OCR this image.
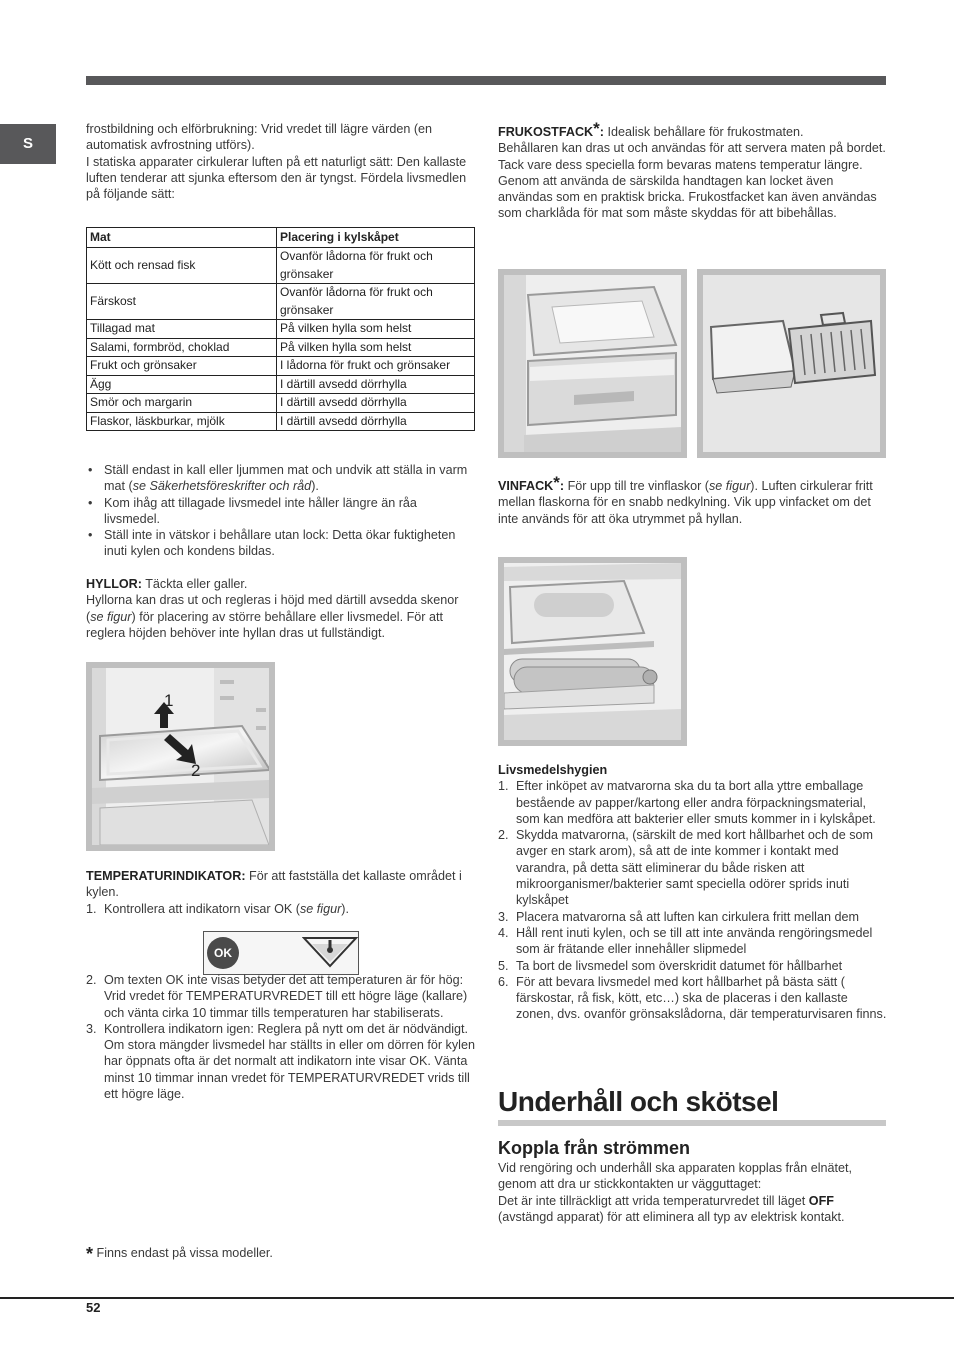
S

frostbildning och elförbrukning: Vrid vredet till lägre värden (en automatisk avfrostning utförs).

I statiska apparater cirkulerar luften på ett naturligt sätt: Den kallaste luften tenderar att sjunka eftersom den är tyngst. Fördela livsmedlen på följande sätt:

Mat	Placering i kylskåpet
Kött och rensad fisk	Ovanför lådorna för frukt och grönsaker
Färskost	Ovanför lådorna för frukt och grönsaker
Tillagad mat	På vilken hylla som helst
Salami, formbröd, choklad	På vilken hylla som helst
Frukt och grönsaker	I lådorna för frukt och grönsaker
Ägg	I därtill avsedd dörrhylla
Smör och margarin	I därtill avsedd dörrhylla
Flaskor, läskburkar, mjölk	I därtill avsedd dörrhylla
• Ställ endast in kall eller ljummen mat och undvik att ställa in varm mat (se Säkerhetsföreskrifter och råd).
• Kom ihåg att tillagade livsmedel inte håller längre än råa livsmedel.
• Ställ inte in vätskor i behållare utan lock: Detta ökar fuktigheten inuti kylen och kondens bildas.

HYLLOR: Täckta eller galler.

Hyllorna kan dras ut och regleras i höjd med därtill avsedda skenor (se figur) för placering av större behållare eller livsmedel. För att reglera höjden behöver inte hyllan dras ut fullständigt.

1
2

TEMPERATURINDIKATOR: För att fastställa det kallaste området i kylen.

1. Kontrollera att indikatorn visar OK (se figur).
OK
2. Om texten OK inte visas betyder det att temperaturen är för hög: Vrid vredet för TEMPERATURVREDET till ett högre läge (kallare) och vänta cirka 10 timmar tills temperaturen har stabiliserats.
3. Kontrollera indikatorn igen: Reglera på nytt om det är nödvändigt. Om stora mängder livsmedel har ställts in eller om dörren för kylen har öppnats ofta är det normalt att indikatorn inte visar OK. Vänta minst 10 timmar innan vredet för TEMPERATURVREDET vrids till ett högre läge.

FRUKOSTFACK*: Idealisk behållare för frukostmaten.

Behållaren kan dras ut och användas för att servera maten på bordet. Tack vare dess speciella form bevaras matens temperatur längre. Genom att använda de särskilda handtagen kan locket även användas som en praktisk bricka. Frukostfacket kan även användas som charklåda för mat som måste skyddas för att bibehållas.

VINFACK*: För upp till tre vinflaskor (se figur). Luften cirkulerar fritt mellan flaskorna för en snabb nedkylning. Vik upp vinfacket om det inte används för att öka utrymmet på hyllan.

Livsmedelshygien

1. Efter inköpet av matvarorna ska du ta bort alla yttre emballage bestående av papper/kartong eller andra förpackningsmaterial, som kan medföra att bakterier eller smuts kommer in i kylskåpet.
2. Skydda matvarorna, (särskilt de med kort hållbarhet och de som avger en stark arom), så att de inte kommer i kontakt med varandra, på detta sätt eliminerar du både risken att mikroorganismer/bakterier samt speciella odörer sprids inuti kylskåpet
3. Placera matvarorna så att luften kan cirkulera fritt mellan dem
4. Håll rent inuti kylen, och se till att inte använda rengöringsmedel som är frätande eller innehåller slipmedel
5. Ta bort de livsmedel som överskridit datumet för hållbarhet
6. För att bevara livsmedel med kort hållbarhet på bästa sätt ( färskostar, rå fisk, kött, etc…) ska de placeras i den kallaste zonen, dvs. ovanför grönsakslådorna, där temperaturvisaren finns.
Underhåll och skötsel
Koppla från strömmen

Vid rengöring och underhåll ska apparaten kopplas från elnätet, genom att dra ur stickkontakten ur vägguttaget:

Det är inte tillräckligt att vrida temperaturvredet till läget OFF (avstängd apparat) för att eliminera all typ av elektrisk kontakt.

* Finns endast på vissa modeller.
52
